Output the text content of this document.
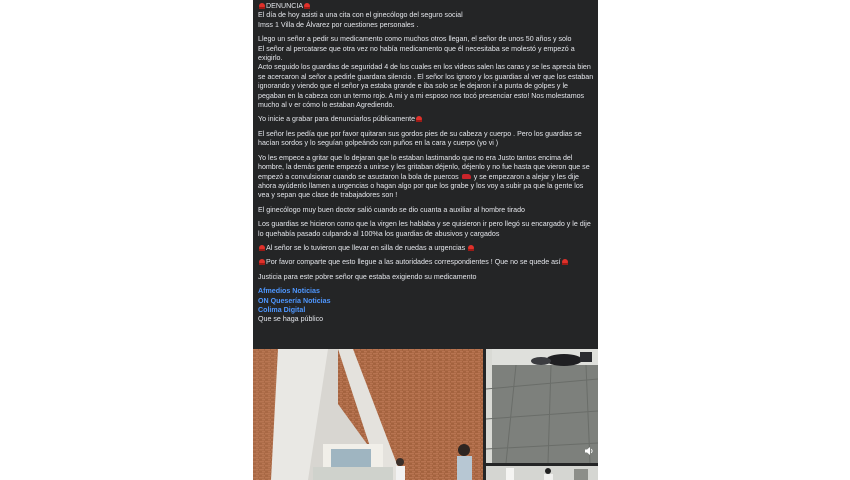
DENUNCIA

El día de hoy asisti a una cita con el ginecólogo del seguro social
Imss 1 Villa de Álvarez por cuestiones personales .

Llego un señor a pedir su medicamento como muchos otros llegan, el señor de unos 50 años y solo
El señor al percatarse que otra vez no había medicamento que él necesitaba se molestó y empezó a exigirlo.
Acto seguido los guardias de seguridad 4 de los cuales en los videos salen las caras y se les aprecia bien se acercaron al señor a pedirle guardara silencio . El señor los ignoro y los guardias al ver que los estaban ignorando y viendo que el señor ya estaba grande e iba solo se le dejaron ir a punta de golpes y le pegaban en la cabeza con un termo rojo. A mi y a mi esposo nos tocó presenciar esto! Nos molestamos mucho al v er cómo lo estaban Agrediendo.

Yo inicie a grabar para denunciarlos públicamente

El señor les pedía que por favor quitaran sus gordos pies de su cabeza y cuerpo . Pero los guardias se hacían sordos y lo seguían golpeándo con puños en la cara y cuerpo (yo vi )

Yo les empece a gritar que lo dejaran que lo estaban lastimando que no era Justo tantos encima del hombre, la demás gente empezó a unirse y les gritaban déjenlo, déjenlo y no fue hasta que vieron que se empezó a convulsionar cuando se asustaron la bola de puercos y se empezaron a alejar y les dije ahora ayúdenlo llamen a urgencias o hagan algo por que los grabe y los voy a subir pa que la gente los vea y sepan que clase de trabajadores son !

El ginecólogo muy buen doctor salió cuando se dio cuanta a auxiliar al hombre tirado

Los guardias se hicieron como que la virgen les hablaba y se quisieron ir pero llegó su encargado y le dije lo quehabía pasado culpando al 100%a los guardias de abusivos y cargados

Al señor se lo tuvieron que llevar en silla de ruedas a urgencias

Por favor comparte que esto llegue a las autoridades correspondientes ! Que no se quede así

Justicia para este pobre señor que estaba exigiendo su medicamento

Afmedios Noticias
ON Quesería Noticias
Colima Digital
Que se haga público
